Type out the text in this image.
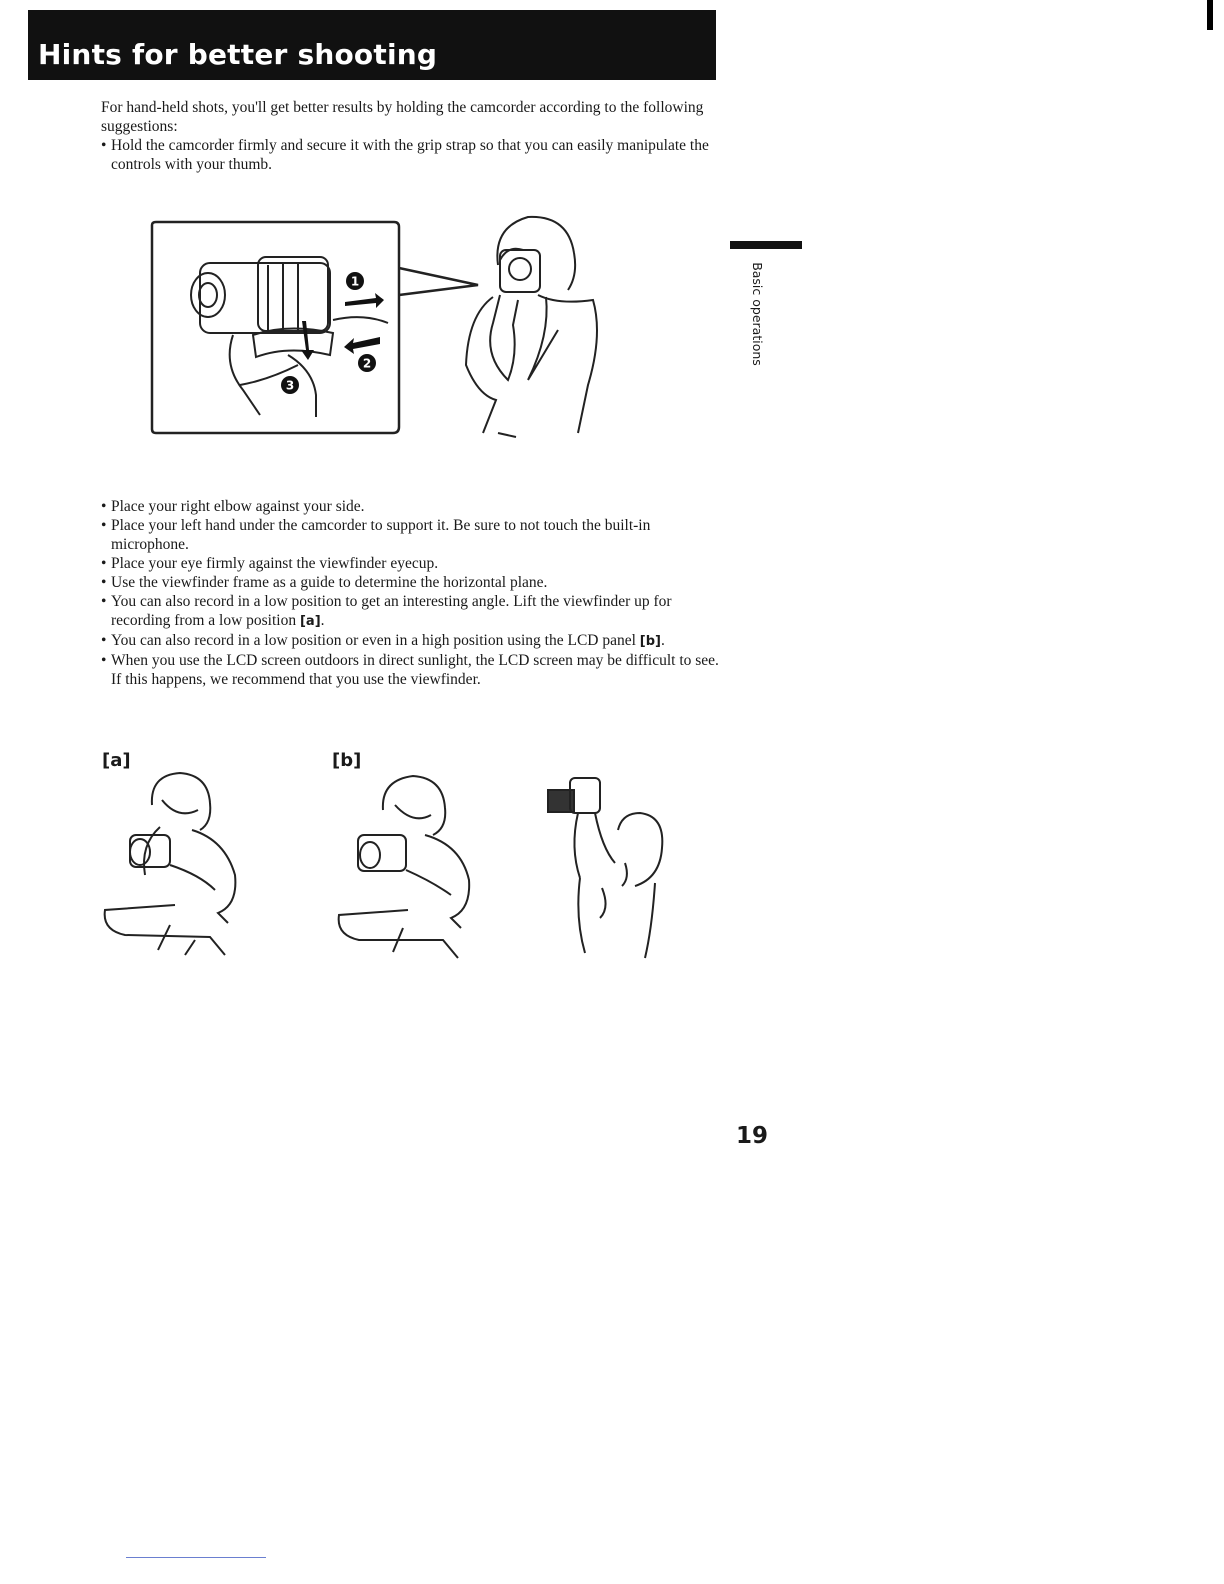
Hints for better shooting

For hand-held shots, you'll get better results by holding the camcorder according to the following suggestions:

• Hold the camcorder firmly and secure it with the grip strap so that you can easily manipulate the controls with your thumb.

1
2
3
Basic operations

• Place your right elbow against your side.

• Place your left hand under the camcorder to support it. Be sure to not touch the built-in microphone.

• Place your eye firmly against the viewfinder eyecup.

• Use the viewfinder frame as a guide to determine the horizontal plane.

• You can also record in a low position to get an interesting angle. Lift the viewfinder up for recording from a low position [a].

• You can also record in a low position or even in a high position using the LCD panel [b].

• When you use the LCD screen outdoors in direct sunlight, the LCD screen may be difficult to see. If this happens, we recommend that you use the viewfinder.

[a]	[b]
19
